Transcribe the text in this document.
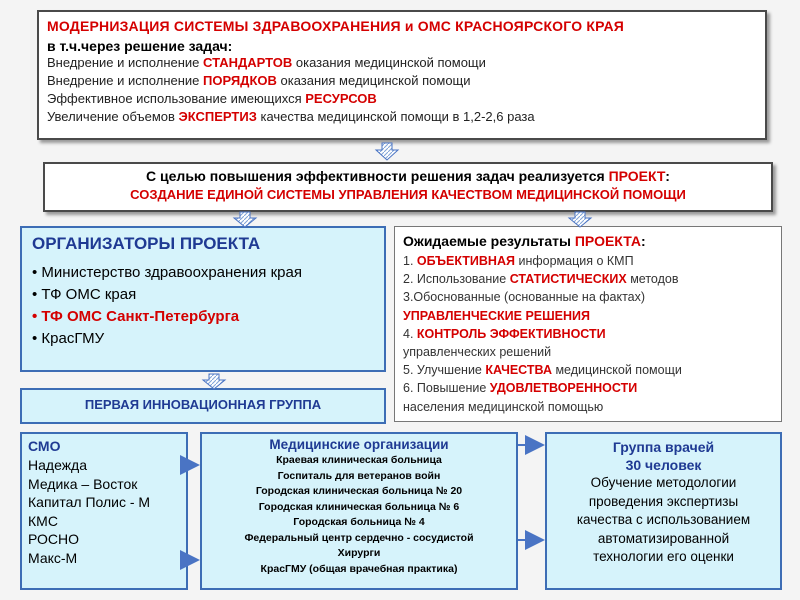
МОДЕРНИЗАЦИЯ СИСТЕМЫ ЗДРАВООХРАНЕНИЯ и ОМС КРАСНОЯРСКОГО КРАЯ
в т.ч.через решение задач:
Внедрение и исполнение СТАНДАРТОВ оказания медицинской помощи
Внедрение и исполнение ПОРЯДКОВ оказания медицинской помощи
Эффективное использование имеющихся РЕСУРСОВ
Увеличение объемов ЭКСПЕРТИЗ качества медицинской помощи в 1,2-2,6 раза
С целью повышения эффективности решения задач реализуется ПРОЕКТ:
СОЗДАНИЕ ЕДИНОЙ СИСТЕМЫ УПРАВЛЕНИЯ КАЧЕСТВОМ МЕДИЦИНСКОЙ ПОМОЩИ
ОРГАНИЗАТОРЫ ПРОЕКТА
• Министерство здравоохранения края
• ТФ ОМС края
• ТФ ОМС Санкт-Петербурга
• КрасГМУ
Ожидаемые результаты ПРОЕКТА:
1. ОБЪЕКТИВНАЯ информация о КМП
2. Использование СТАТИСТИЧЕСКИХ методов
3.Обоснованные (основанные на фактах)
УПРАВЛЕНЧЕСКИЕ РЕШЕНИЯ
4. КОНТРОЛЬ ЭФФЕКТИВНОСТИ
управленческих решений
5. Улучшение КАЧЕСТВА медицинской помощи
6. Повышение УДОВЛЕТВОРЕННОСТИ
населения медицинской помощью
ПЕРВАЯ ИННОВАЦИОННАЯ ГРУППА
СМО
Надежда
Медика – Восток
Капитал Полис - М
КМС
РОСНО
Макс-М
Медицинские организации
Краевая клиническая больница
Госпиталь для ветеранов войн
Городская клиническая больница № 20
Городская клиническая больница № 6
Городская больница № 4
Федеральный центр сердечно - сосудистой
Хирурги
КрасГМУ (общая врачебная практика)
Группа врачей
30 человек
Обучение методологии
проведения экспертизы
качества с использованием
автоматизированной
технологии его оценки
